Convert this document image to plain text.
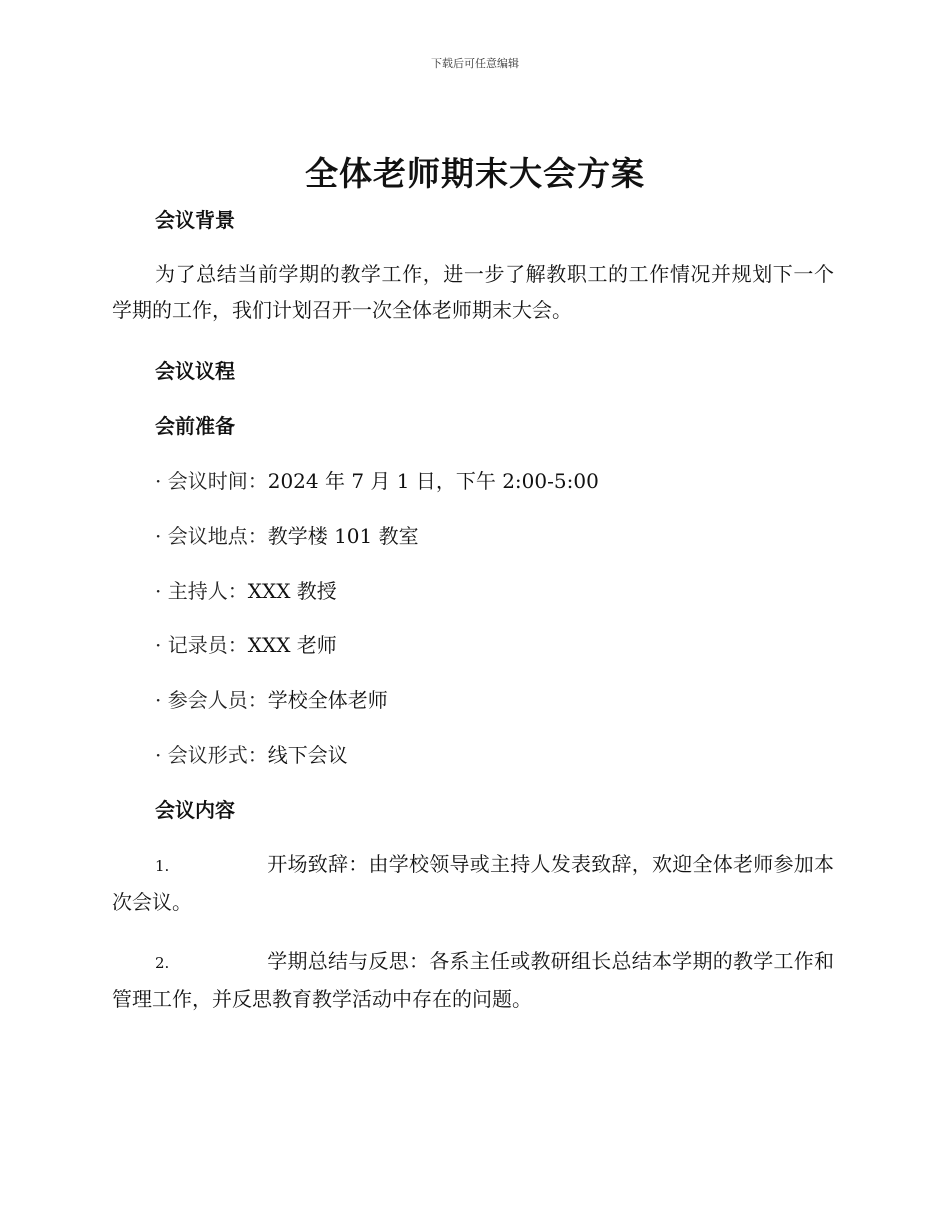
下载后可任意编辑
全体老师期末大会方案
会议背景
为了总结当前学期的教学工作，进一步了解教职工的工作情况并规划下一个学期的工作，我们计划召开一次全体老师期末大会。
会议议程
会前准备
· 会议时间：2024 年 7 月 1 日，下午 2:00-5:00
· 会议地点：教学楼 101 教室
· 主持人：XXX 教授
· 记录员：XXX 老师
· 参会人员：学校全体老师
· 会议形式：线下会议
会议内容
1.	开场致辞：由学校领导或主持人发表致辞，欢迎全体老师参加本次会议。
2.	学期总结与反思：各系主任或教研组长总结本学期的教学工作和管理工作，并反思教育教学活动中存在的问题。
